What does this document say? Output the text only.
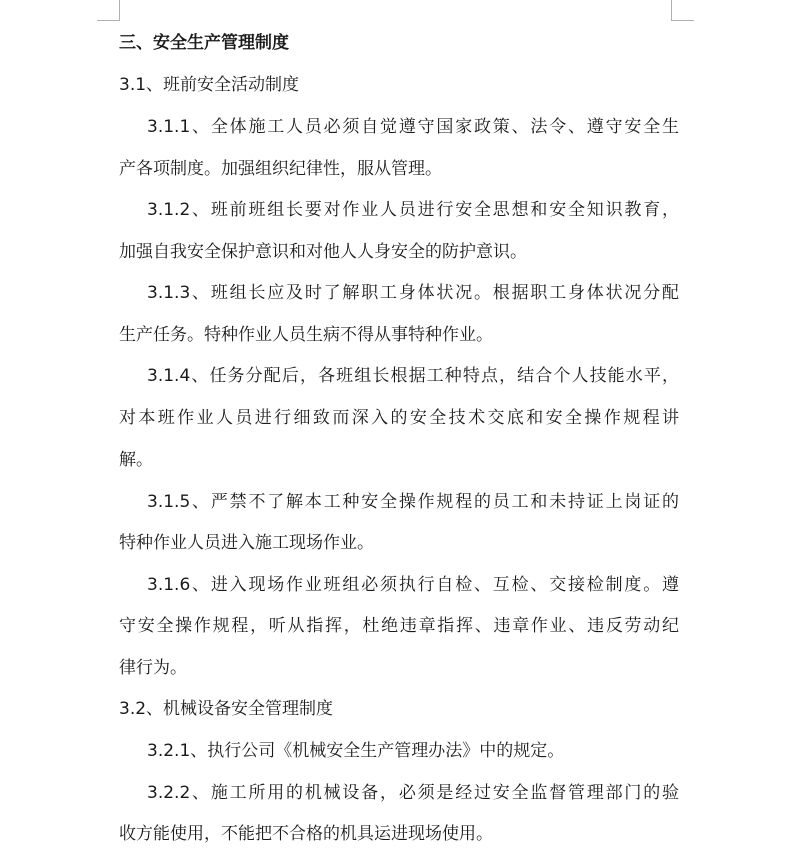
三、安全生产管理制度
3.1、班前安全活动制度
3.1.1、全体施工人员必须自觉遵守国家政策、法令、遵守安全生
产各项制度。加强组织纪律性，服从管理。
3.1.2、班前班组长要对作业人员进行安全思想和安全知识教育，
加强自我安全保护意识和对他人人身安全的防护意识。
3.1.3、班组长应及时了解职工身体状况。根据职工身体状况分配
生产任务。特种作业人员生病不得从事特种作业。
3.1.4、任务分配后，各班组长根据工种特点，结合个人技能水平，
对本班作业人员进行细致而深入的安全技术交底和安全操作规程讲
解。
3.1.5、严禁不了解本工种安全操作规程的员工和未持证上岗证的
特种作业人员进入施工现场作业。
3.1.6、进入现场作业班组必须执行自检、互检、交接检制度。遵
守安全操作规程，听从指挥，杜绝违章指挥、违章作业、违反劳动纪
律行为。
3.2、机械设备安全管理制度
3.2.1、执行公司《机械安全生产管理办法》中的规定。
3.2.2、施工所用的机械设备，必须是经过安全监督管理部门的验
收方能使用，不能把不合格的机具运进现场使用。
